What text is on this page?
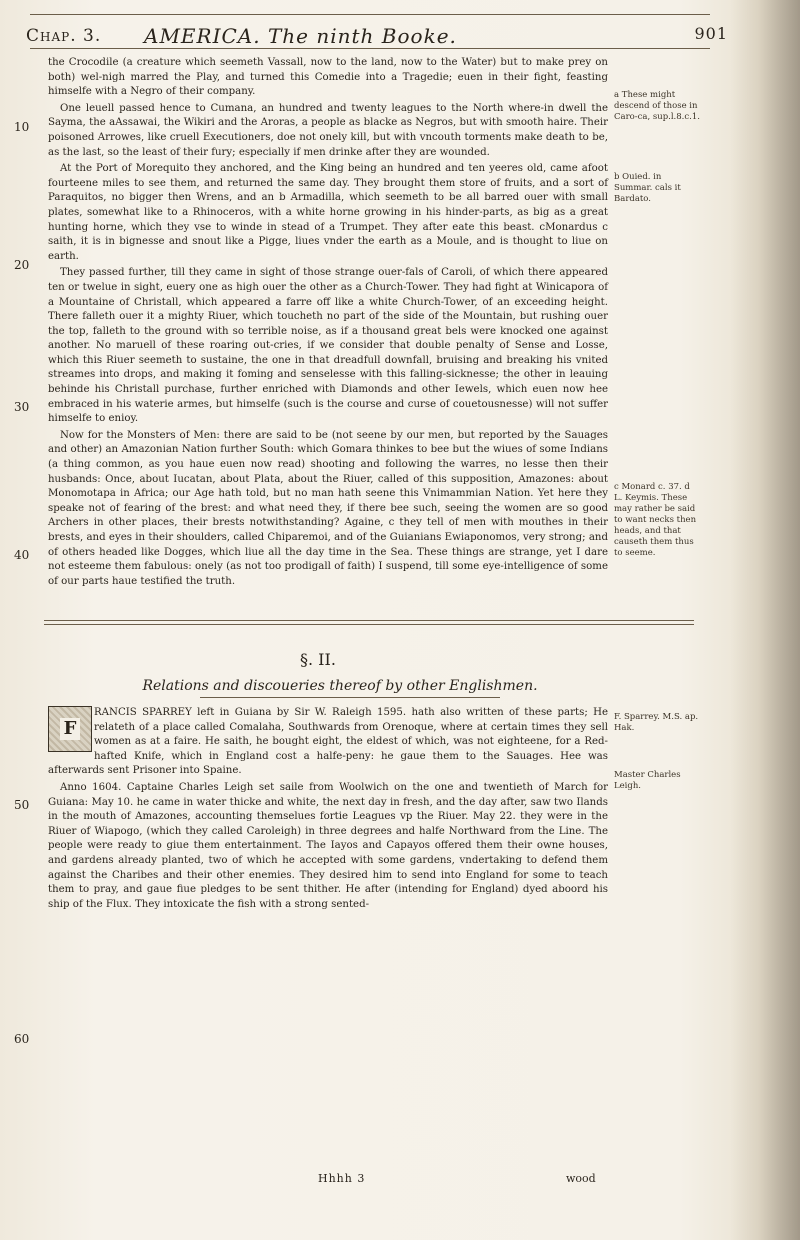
Chap. 3. AMERICA. The ninth Booke.	901
10
20
30
40
50
60

the Crocodile (a creature which seemeth Vassall, now to the land, now to the Water) but to make prey on both) wel-nigh marred the Play, and turned this Comedie into a Tragedie; euen in their fight, feasting himselfe with a Negro of their company.

One leuell passed hence to Cumana, an hundred and twenty leagues to the North where-in dwell the Sayma, the aAssawai, the Wikiri and the Aroras, a people as blacke as Negros, but with smooth haire. Their poisoned Arrowes, like cruell Executioners, doe not onely kill, but with vncouth torments make death to be, as the last, so the least of their fury; especially if men drinke after they are wounded.

At the Port of Morequito they anchored, and the King being an hundred and ten yeeres old, came afoot fourteene miles to see them, and returned the same day. They brought them store of fruits, and a sort of Paraquitos, no bigger then Wrens, and an b Armadilla, which seemeth to be all barred ouer with small plates, somewhat like to a Rhinoceros, with a white horne growing in his hinder-parts, as big as a great hunting horne, which they vse to winde in stead of a Trumpet. They after eate this beast. cMonardus c saith, it is in bignesse and snout like a Pigge, liues vnder the earth as a Moule, and is thought to liue on earth.

They passed further, till they came in sight of those strange ouer-fals of Caroli, of which there appeared ten or twelue in sight, euery one as high ouer the other as a Church-Tower. They had fight at Winicapora of a Mountaine of Christall, which appeared a farre off like a white Church-Tower, of an exceeding height. There falleth ouer it a mighty Riuer, which toucheth no part of the side of the Mountain, but rushing ouer the top, falleth to the ground with so terrible noise, as if a thousand great bels were knocked one against another. No maruell of these roaring out-cries, if we consider that double penalty of Sense and Losse, which this Riuer seemeth to sustaine, the one in that dreadfull downfall, bruising and breaking his vnited streames into drops, and making it foming and senselesse with this falling-sicknesse; the other in leauing behinde his Christall purchase, further enriched with Diamonds and other Iewels, which euen now hee embraced in his waterie armes, but himselfe (such is the course and curse of couetousnesse) will not suffer himselfe to enioy.

Now for the Monsters of Men: there are said to be (not seene by our men, but reported by the Sauages and other) an Amazonian Nation further South: which Gomara thinkes to bee but the wiues of some Indians (a thing common, as you haue euen now read) shooting and following the warres, no lesse then their husbands: Once, about Iucatan, about Plata, about the Riuer, called of this supposition, Amazones: about Monomotapa in Africa; our Age hath told, but no man hath seene this Vnimammian Nation. Yet here they speake not of fearing of the brest: and what need they, if there bee such, seeing the women are so good Archers in other places, their brests notwithstanding? Againe, c they tell of men with mouthes in their brests, and eyes in their shoulders, called Chiparemoi, and of the Guianians Ewiaponomos, very strong; and of others headed like Dogges, which liue all the day time in the Sea. These things are strange, yet I dare not esteeme them fabulous: onely (as not too prodigall of faith) I suspend, till some eye-intelligence of some of our parts haue testified the truth.

a These might descend of those in Caro-ca, sup.l.8.c.1.
b Ouied. in Summar. cals it Bardato.
c Monard c. 37. d L. Keymis. These may rather be said to want necks then heads, and that causeth them thus to seeme.
F. Sparrey. M.S. ap. Hak.
Master Charles Leigh.
§. II.
Relations and discoueries thereof by other Englishmen.

RANCIS SPARREY left in Guiana by Sir W. Raleigh 1595. hath also written of these parts; He relateth of a place called Comalaha, Southwards from Orenoque, where at certain times they sell women as at a faire. He saith, he bought eight, the eldest of which, was not eighteene, for a Red-hafted Knife, which in England cost a halfe-peny: he gaue them to the Sauages. Hee was afterwards sent Prisoner into Spaine.

Anno 1604. Captaine Charles Leigh set saile from Woolwich on the one and twentieth of March for Guiana: May 10. he came in water thicke and white, the next day in fresh, and the day after, saw two Ilands in the mouth of Amazones, accounting themselues fortie Leagues vp the Riuer. May 22. they were in the Riuer of Wiapogo, (which they called Caroleigh) in three degrees and halfe Northward from the Line. The people were ready to giue them entertainment. The Iayos and Capayos offered them their owne houses, and gardens already planted, two of which he accepted with some gardens, vndertaking to defend them against the Charibes and their other enemies. They desired him to send into England for some to teach them to pray, and gaue fiue pledges to be sent thither. He after (intending for England) dyed aboord his ship of the Flux. They intoxicate the fish with a strong sented-

F
Hhhh 3	wood
